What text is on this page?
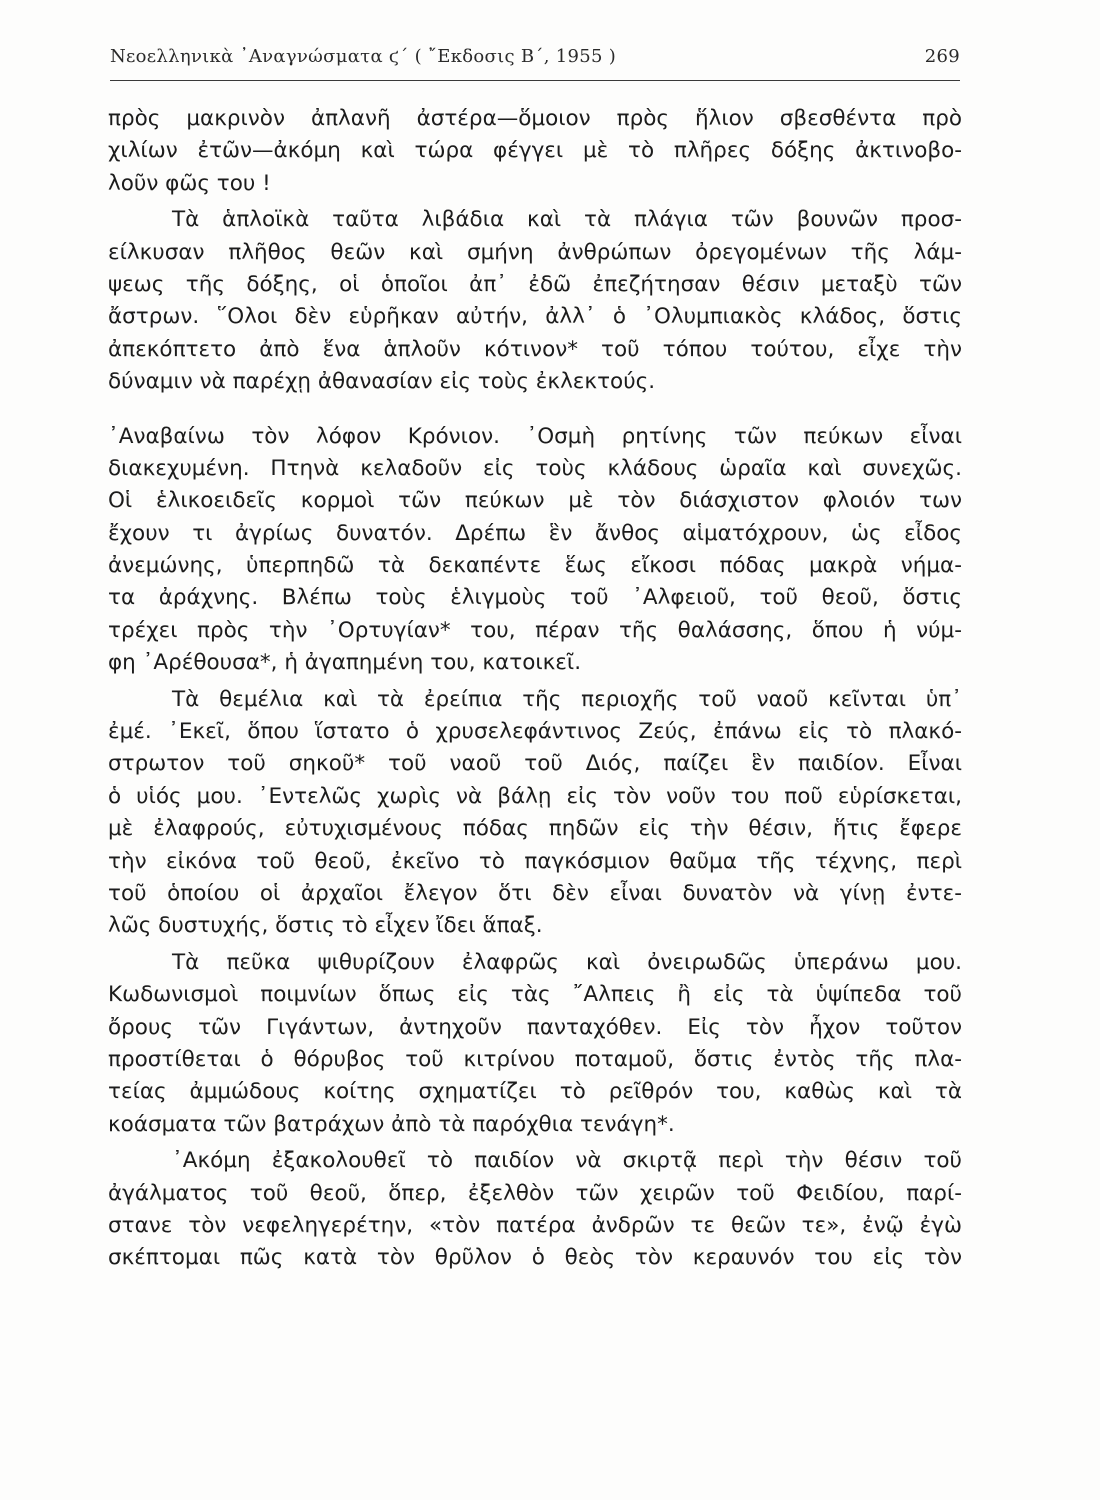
Νεοελληνικὰ ᾿Αναγνώσματα ϛ´ ( ῎Εκδοσις Β´, 1955 )	269
πρὸς μακρινὸν ἀπλανῆ ἀστέρα—ὅμοιον πρὸς ἥλιον σβεσθέντα πρὸ
χιλίων ἐτῶν—ἀκόμη καὶ τώρα φέγγει μὲ τὸ πλῆρες δόξης ἀκτινοβο-
λοῦν φῶς του !
Τὰ ἁπλοϊκὰ ταῦτα λιβάδια καὶ τὰ πλάγια τῶν βουνῶν προσ-
είλκυσαν πλῆθος θεῶν καὶ σμήνη ἀνθρώπων ὀρεγομένων τῆς λάμ-
ψεως τῆς δόξης, οἱ ὁποῖοι ἀπ᾿ ἐδῶ ἐπεζήτησαν θέσιν μεταξὺ τῶν
ἄστρων. ῞Ολοι δὲν εὑρῆκαν αὐτήν, ἀλλ᾿ ὁ ᾿Ολυμπιακὸς κλάδος, ὅστις
ἀπεκόπτετο ἀπὸ ἕνα ἁπλοῦν κότινον* τοῦ τόπου τούτου, εἶχε τὴν
δύναμιν νὰ παρέχῃ ἀθανασίαν εἰς τοὺς ἐκλεκτούς.
᾿Αναβαίνω τὸν λόφον Κρόνιον. ᾿Οσμὴ ρητίνης τῶν πεύκων εἶναι
διακεχυμένη. Πτηνὰ κελαδοῦν εἰς τοὺς κλάδους ὡραῖα καὶ συνεχῶς.
Οἱ ἑλικοειδεῖς κορμοὶ τῶν πεύκων μὲ τὸν διάσχιστον φλοιόν των
ἔχουν τι ἀγρίως δυνατόν. Δρέπω ἓν ἄνθος αἱματόχρουν, ὡς εἶδος
ἀνεμώνης, ὑπερπηδῶ τὰ δεκαπέντε ἕως εἴκοσι πόδας μακρὰ νήμα-
τα ἀράχνης. Βλέπω τοὺς ἑλιγμοὺς τοῦ ᾿Αλφειοῦ, τοῦ θεοῦ, ὅστις
τρέχει πρὸς τὴν ᾿Ορτυγίαν* του, πέραν τῆς θαλάσσης, ὅπου ἡ νύμ-
φη ᾿Αρέθουσα*, ἡ ἀγαπημένη του, κατοικεῖ.
Τὰ θεμέλια καὶ τὰ ἐρείπια τῆς περιοχῆς τοῦ ναοῦ κεῖνται ὑπ᾿
ἐμέ. ᾿Εκεῖ, ὅπου ἵστατο ὁ χρυσελεφάντινος Ζεύς, ἐπάνω εἰς τὸ πλακό-
στρωτον τοῦ σηκοῦ* τοῦ ναοῦ τοῦ Διός, παίζει ἓν παιδίον. Εἶναι
ὁ υἱός μου. ᾿Εντελῶς χωρὶς νὰ βάλῃ εἰς τὸν νοῦν του ποῦ εὑρίσκεται,
μὲ ἐλαφρούς, εὐτυχισμένους πόδας πηδῶν εἰς τὴν θέσιν, ἥτις ἔφερε
τὴν εἰκόνα τοῦ θεοῦ, ἐκεῖνο τὸ παγκόσμιον θαῦμα τῆς τέχνης, περὶ
τοῦ ὁποίου οἱ ἀρχαῖοι ἔλεγον ὅτι δὲν εἶναι δυνατὸν νὰ γίνῃ ἐντε-
λῶς δυστυχής, ὅστις τὸ εἶχεν ἴδει ἅπαξ.
Τὰ πεῦκα ψιθυρίζουν ἐλαφρῶς καὶ ὀνειρωδῶς ὑπεράνω μου.
Κωδωνισμοὶ ποιμνίων ὅπως εἰς τὰς ῎Αλπεις ἢ εἰς τὰ ὑψίπεδα τοῦ
ὄρους τῶν Γιγάντων, ἀντηχοῦν πανταχόθεν. Εἰς τὸν ἦχον τοῦτον
προστίθεται ὁ θόρυβος τοῦ κιτρίνου ποταμοῦ, ὅστις ἐντὸς τῆς πλα-
τείας ἀμμώδους κοίτης σχηματίζει τὸ ρεῖθρόν του, καθὼς καὶ τὰ
κοάσματα τῶν βατράχων ἀπὸ τὰ παρόχθια τενάγη*.
᾿Ακόμη ἐξακολουθεῖ τὸ παιδίον νὰ σκιρτᾷ περὶ τὴν θέσιν τοῦ
ἀγάλματος τοῦ θεοῦ, ὅπερ, ἐξελθὸν τῶν χειρῶν τοῦ Φειδίου, παρί-
στανε τὸν νεφεληγερέτην, «τὸν πατέρα ἀνδρῶν τε θεῶν τε», ἐνῷ ἐγὼ
σκέπτομαι πῶς κατὰ τὸν θρῦλον ὁ θεὸς τὸν κεραυνόν του εἰς τὸν
